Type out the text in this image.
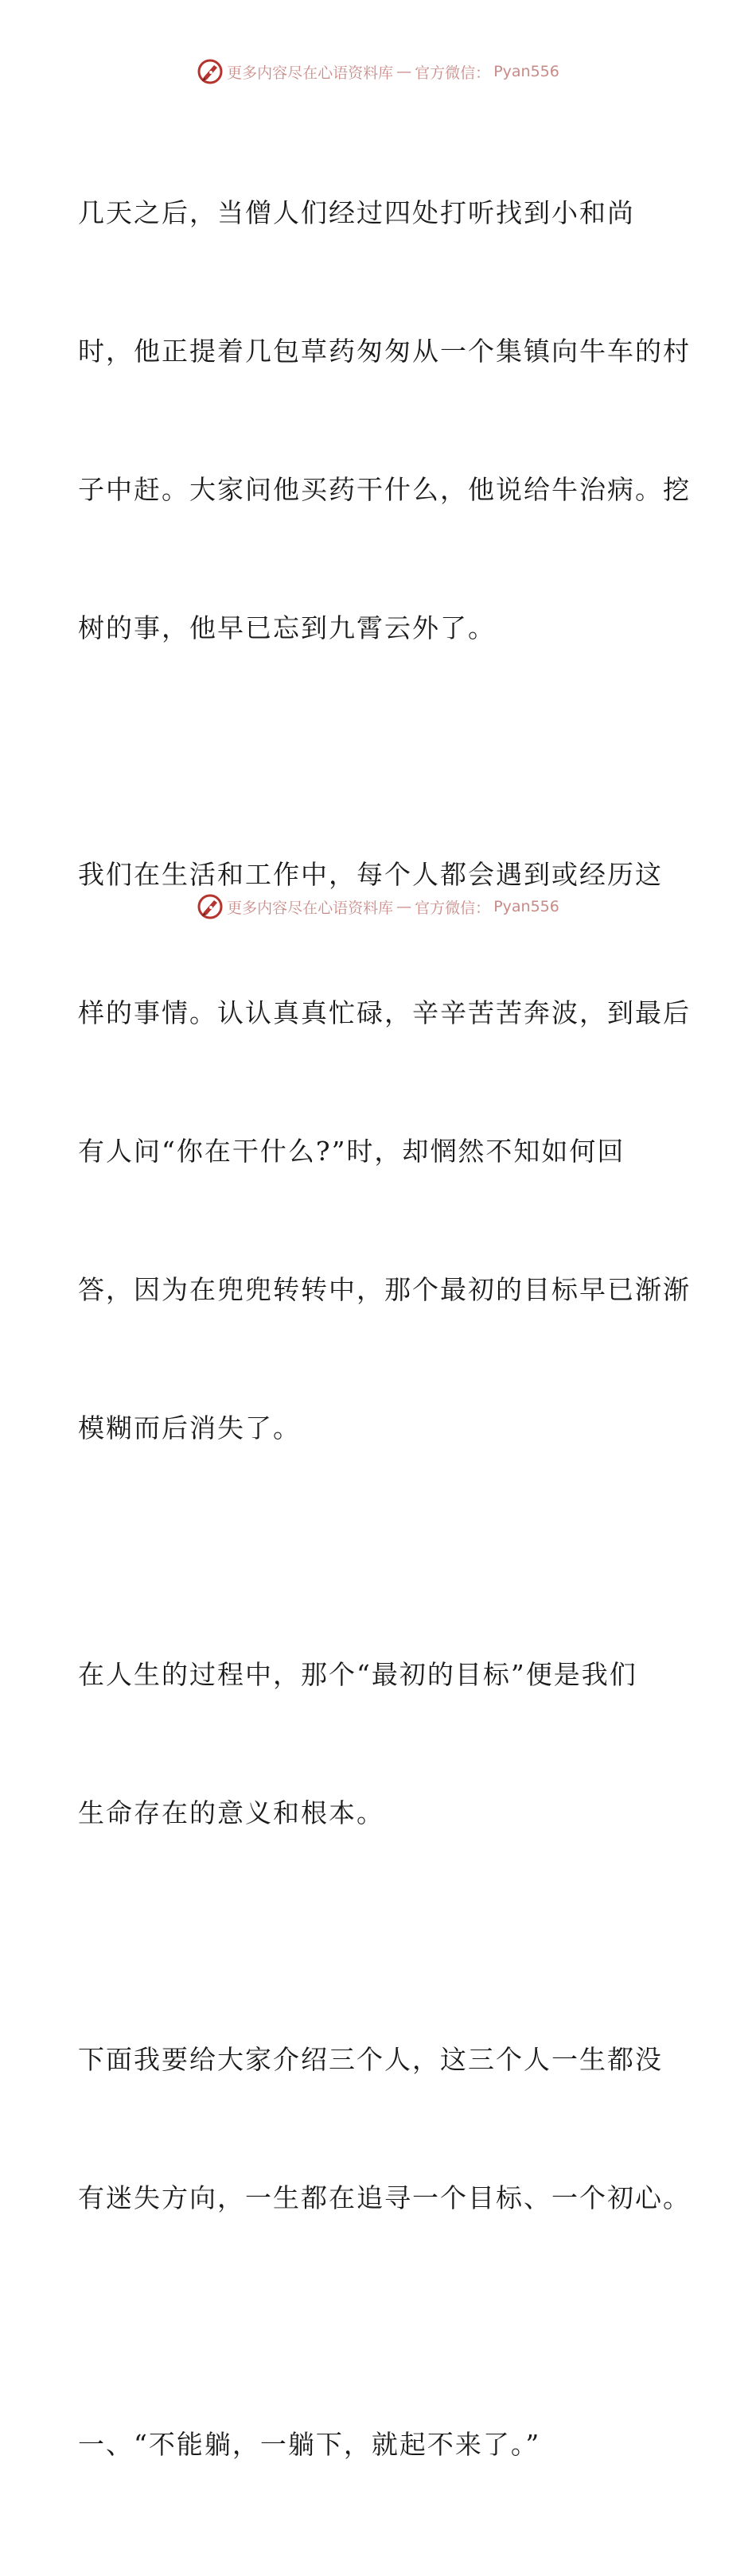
更多内容尽在心语资料库 — 官方微信： Pyan556

几天之后，当僧人们经过四处打听找到小和尚

时，他正提着几包草药匆匆从一个集镇向牛车的村

子中赶。大家问他买药干什么，他说给牛治病。挖

树的事，他早已忘到九霄云外了。

我们在生活和工作中，每个人都会遇到或经历这

样的事情。认认真真忙碌，辛辛苦苦奔波，到最后

有人问“你在干什么?”时，却惘然不知如何回

答，因为在兜兜转转中，那个最初的目标早已渐渐

模糊而后消失了。

在人生的过程中，那个“最初的目标”便是我们

生命存在的意义和根本。

下面我要给大家介绍三个人，这三个人一生都没

有迷失方向，一生都在追寻一个目标、一个初心。

一、“不能躺，一躺下，就起不来了。”

更多内容尽在心语资料库 — 官方微信： Pyan556
